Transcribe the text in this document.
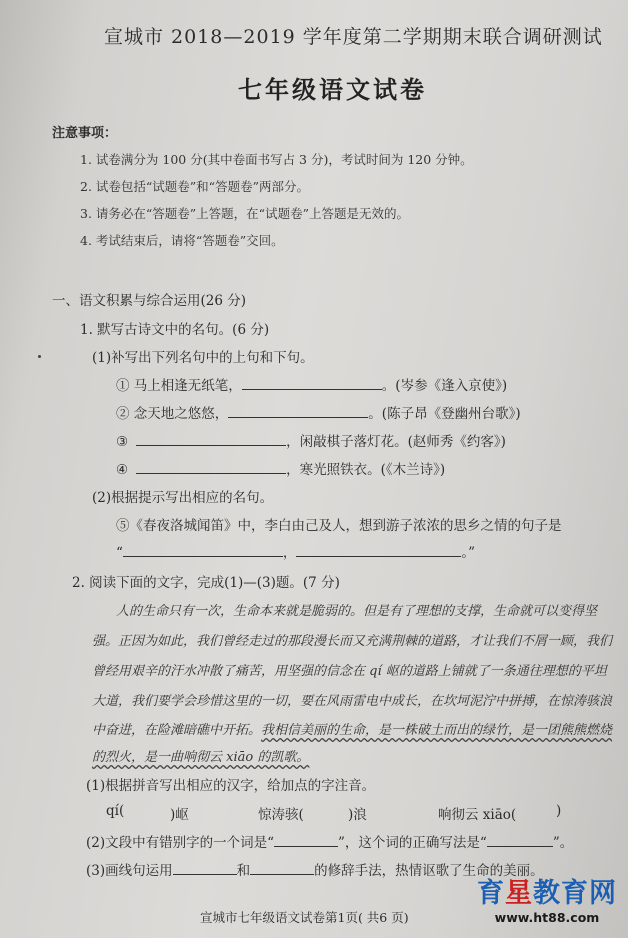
宣城市 2018—2019 学年度第二学期期末联合调研测试
七年级语文试卷
注意事项：
1. 试卷满分为 100 分(其中卷面书写占 3 分)，考试时间为 120 分钟。
2. 试卷包括“试题卷”和“答题卷”两部分。
3. 请务必在“答题卷”上答题，在“试题卷”上答题是无效的。
4. 考试结束后，请将“答题卷”交回。
一、语文积累与综合运用(26 分)
1. 默写古诗文中的名句。(6 分)
(1)补写出下列名句中的上句和下句。
① 马上相逢无纸笔，	。(岑参《逢入京使》)
② 念天地之悠悠，	。(陈子昂《登幽州台歌》)
③	，闲敲棋子落灯花。(赵师秀《约客》)
④	，寒光照铁衣。(《木兰诗》)
(2)根据提示写出相应的名句。
⑤《春夜洛城闻笛》中，李白由己及人，想到游子浓浓的思乡之情的句子是
“	，	。”
2. 阅读下面的文字，完成(1)—(3)题。(7 分)
人的生命只有一次，生命本来就是脆弱的。但是有了理想的支撑，生命就可以变得坚
强。正因为如此，我们曾经走过的那段漫长而又充满荆棘的道路，才让我们不屑一顾，我们
曾经用艰辛的汗水冲散了痛苦，用坚强的信念在 qí 岖的道路上铺就了一条通往理想的平坦
大道，我们要学会珍惜这里的一切，要在风雨雷电中成长，在坎坷泥泞中拼搏，在惊涛骇浪
中奋进，在险滩暗礁中开拓。我相信美丽的生命，是一株破土而出的绿竹，是一团熊熊燃烧
的烈火，是一曲响彻云 xiāo 的凯歌。
(1)根据拼音写出相应的汉字，给加点的字注音。
qí(	)岖	惊涛骇(	)浪	响彻云 xiāo(	)
(2)文段中有错别字的一个词是“	”，这个词的正确写法是“	”。
(3)画线句运用	和	的修辞手法，热情讴歌了生命的美丽。
宣城市七年级语文试卷第1页( 共6 页)
育星教育网
www.ht88.com
